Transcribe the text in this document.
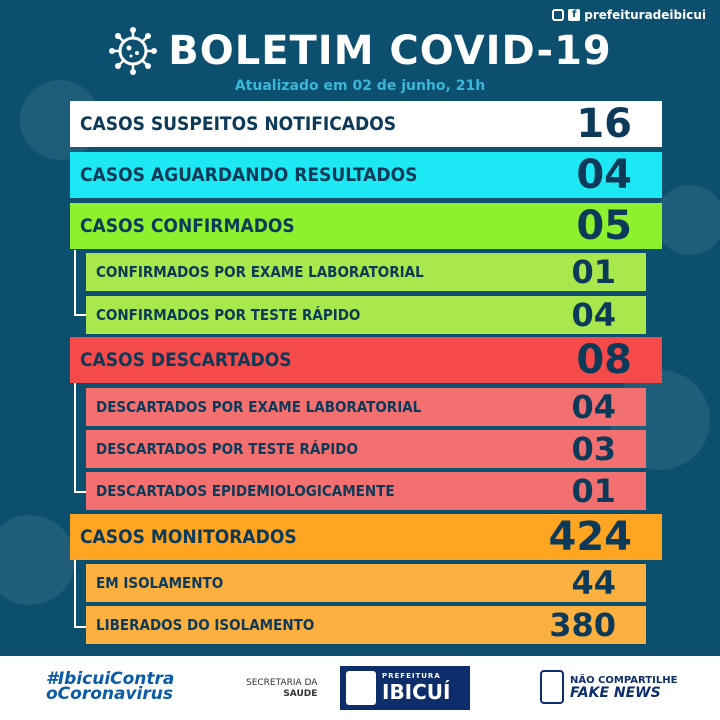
f prefeituradeibicui
BOLETIM COVID-19
Atualizado em 02 de junho, 21h
CASOS SUSPEITOS NOTIFICADOS	16
CASOS AGUARDANDO RESULTADOS	04
CASOS CONFIRMADOS	05
CONFIRMADOS POR EXAME LABORATORIAL	01
CONFIRMADOS POR TESTE RÁPIDO	04
CASOS DESCARTADOS	08
DESCARTADOS POR EXAME LABORATORIAL	04
DESCARTADOS POR TESTE RÁPIDO	03
DESCARTADOS EPIDEMIOLOGICAMENTE	01
CASOS MONITORADOS	424
EM ISOLAMENTO	44
LIBERADOS DO ISOLAMENTO	380
#IbicuiContra
oCoronavirus
SECRETARIA DA
SAUDE
PREFEITURA
IBICUÍ	NÃO COMPARTILHE
FAKE NEWS
